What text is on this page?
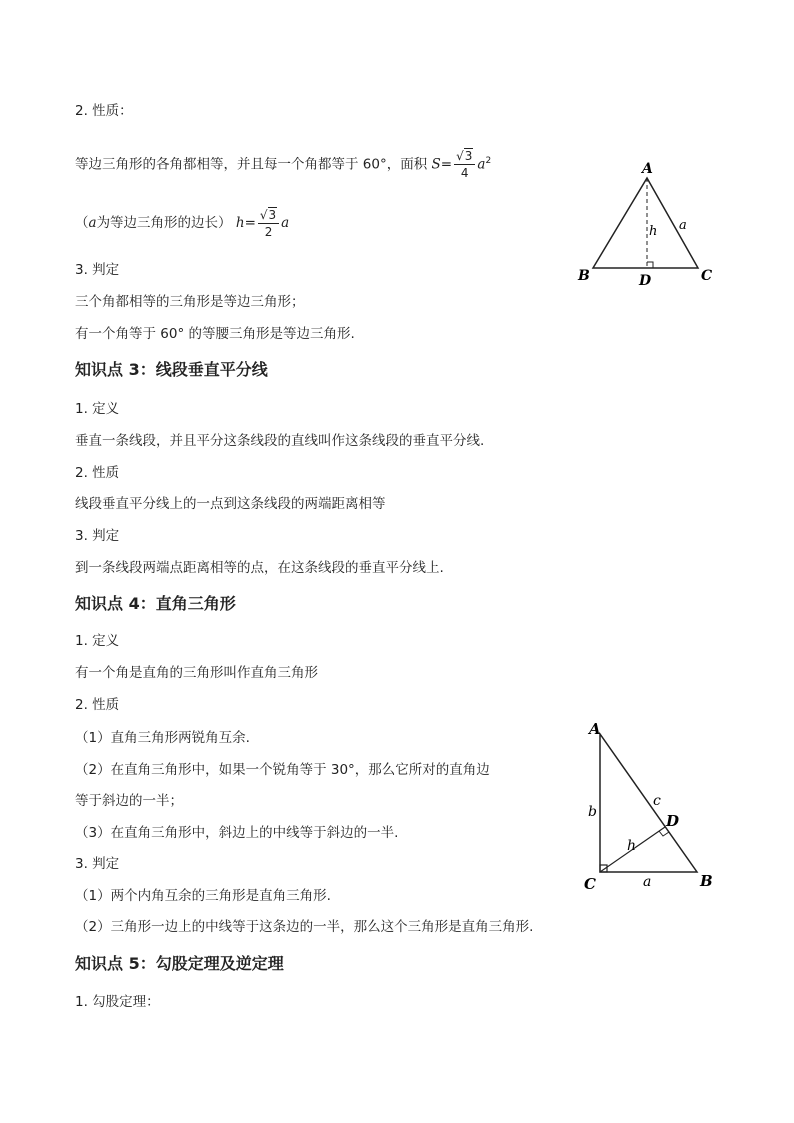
2. 性质：
等边三角形的各角都相等，并且每一个角都等于 60°，面积 $S= \frac{√3}{4} a^2$
（a为等边三角形的边长） $h= \frac{√3}{2}$ a
3. 判定
三个角都相等的三角形是等边三角形；
有一个角等于 60° 的等腰三角形是等边三角形.
A
B	C
D
h a
知识点 3：线段垂直平分线
1. 定义
垂直一条线段，并且平分这条线段的直线叫作这条线段的垂直平分线.
2. 性质
线段垂直平分线上的一点到这条线段的两端距离相等
3. 判定
到一条线段两端点距离相等的点，在这条线段的垂直平分线上.
知识点 4：直角三角形
1. 定义
有一个角是直角的三角形叫作直角三角形
2. 性质
（1）直角三角形两锐角互余.
（2）在直角三角形中，如果一个锐角等于 30°，那么它所对的直角边
等于斜边的一半；
（3）在直角三角形中，斜边上的中线等于斜边的一半.
3. 判定
（1）两个内角互余的三角形是直角三角形.
（2）三角形一边上的中线等于这条边的一半，那么这个三角形是直角三角形.
A
C	B
D
a
b
c
h
知识点 5：勾股定理及逆定理
1. 勾股定理：
